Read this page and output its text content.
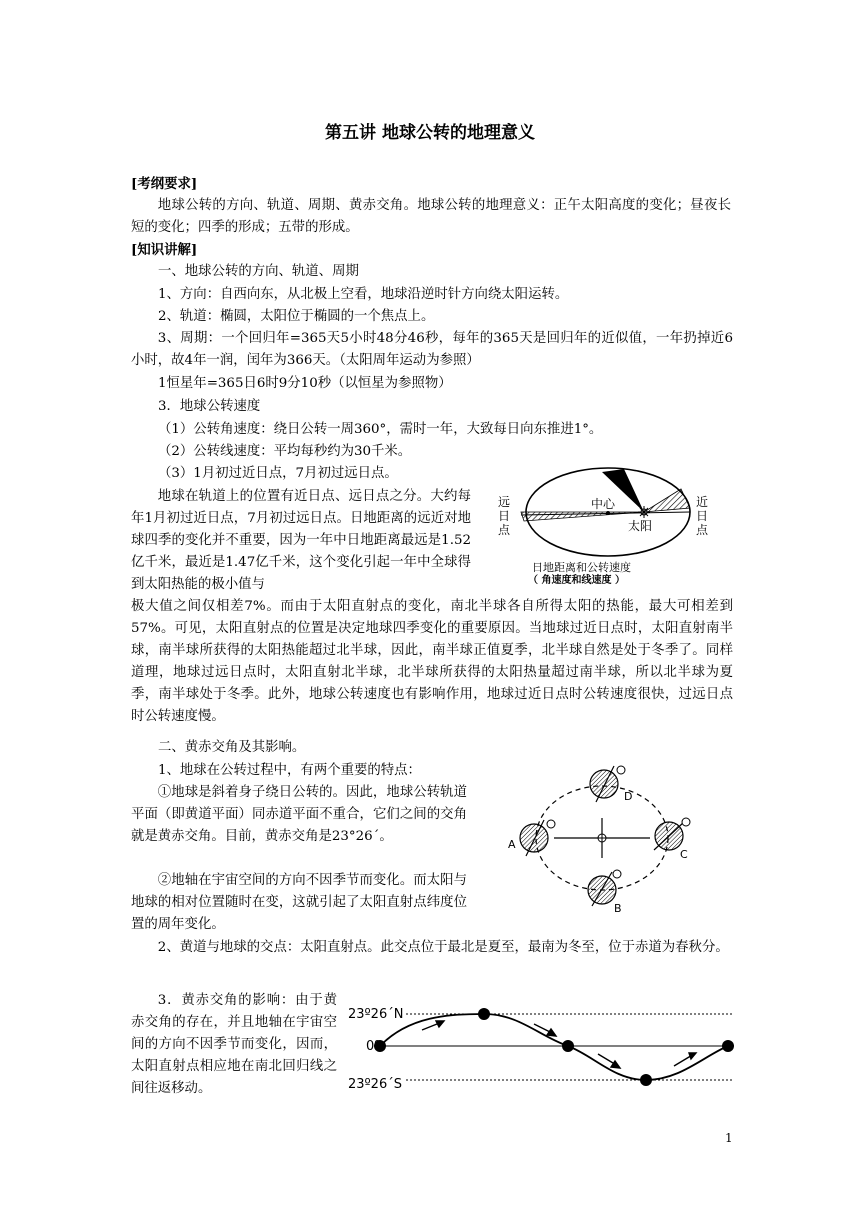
第五讲 地球公转的地理意义
[考纲要求]
地球公转的方向、轨道、周期、黄赤交角。地球公转的地理意义：正午太阳高度的变化；昼夜长短的变化；四季的形成；五带的形成。
[知识讲解]
一、地球公转的方向、轨道、周期
1、方向：自西向东，从北极上空看，地球沿逆时针方向绕太阳运转。
2、轨道：椭圆，太阳位于椭圆的一个焦点上。
3、周期：一个回归年=365天5小时48分46秒，每年的365天是回归年的近似值，一年扔掉近6小时，故4年一润，闰年为366天。（太阳周年运动为参照）
1恒星年=365日6时9分10秒（以恒星为参照物）
3．地球公转速度
（1）公转角速度：绕日公转一周360°，需时一年，大致每日向东推进1°。
（2）公转线速度：平均每秒约为30千米。
（3）1月初过近日点，7月初过远日点。
地球在轨道上的位置有近日点、远日点之分。大约每年1月初过近日点，7月初过远日点。日地距离的远近对地球四季的变化并不重要，因为一年中日地距离最远是1.52亿千米，最近是1.47亿千米，这个变化引起一年中全球得到太阳热能的极小值与
极大值之间仅相差7%。而由于太阳直射点的变化，南北半球各自所得太阳的热能，最大可相差到57%。可见，太阳直射点的位置是决定地球四季变化的重要原因。当地球过近日点时，太阳直射南半球，南半球所获得的太阳热能超过北半球，因此，南半球正值夏季，北半球自然是处于冬季了。同样道理，地球过远日点时，太阳直射北半球，北半球所获得的太阳热量超过南半球，所以北半球为夏季，南半球处于冬季。此外，地球公转速度也有影响作用，地球过近日点时公转速度很快，过远日点时公转速度慢。
二、黄赤交角及其影响。
1、地球在公转过程中，有两个重要的特点：
①地球是斜着身子绕日公转的。因此，地球公转轨道平面（即黄道平面）同赤道平面不重合，它们之间的交角就是黄赤交角。目前，黄赤交角是23°26´。
②地轴在宇宙空间的方向不因季节而变化。而太阳与地球的相对位置随时在变，这就引起了太阳直射点纬度位置的周年变化。
2、黄道与地球的交点：太阳直射点。此交点位于最北是夏至，最南为冬至，位于赤道为春秋分。
3．黄赤交角的影响：由于黄赤交角的存在，并且地轴在宇宙空间的方向不因季节而变化，因而，太阳直射点相应地在南北回归线之间往返移动。
1
远
日
点
近
日
点
中心
太阳
日地距离和公转速度
（ 角速度和线速度 ）
A
B
C
D
23º26´N
0º
23º26´S
